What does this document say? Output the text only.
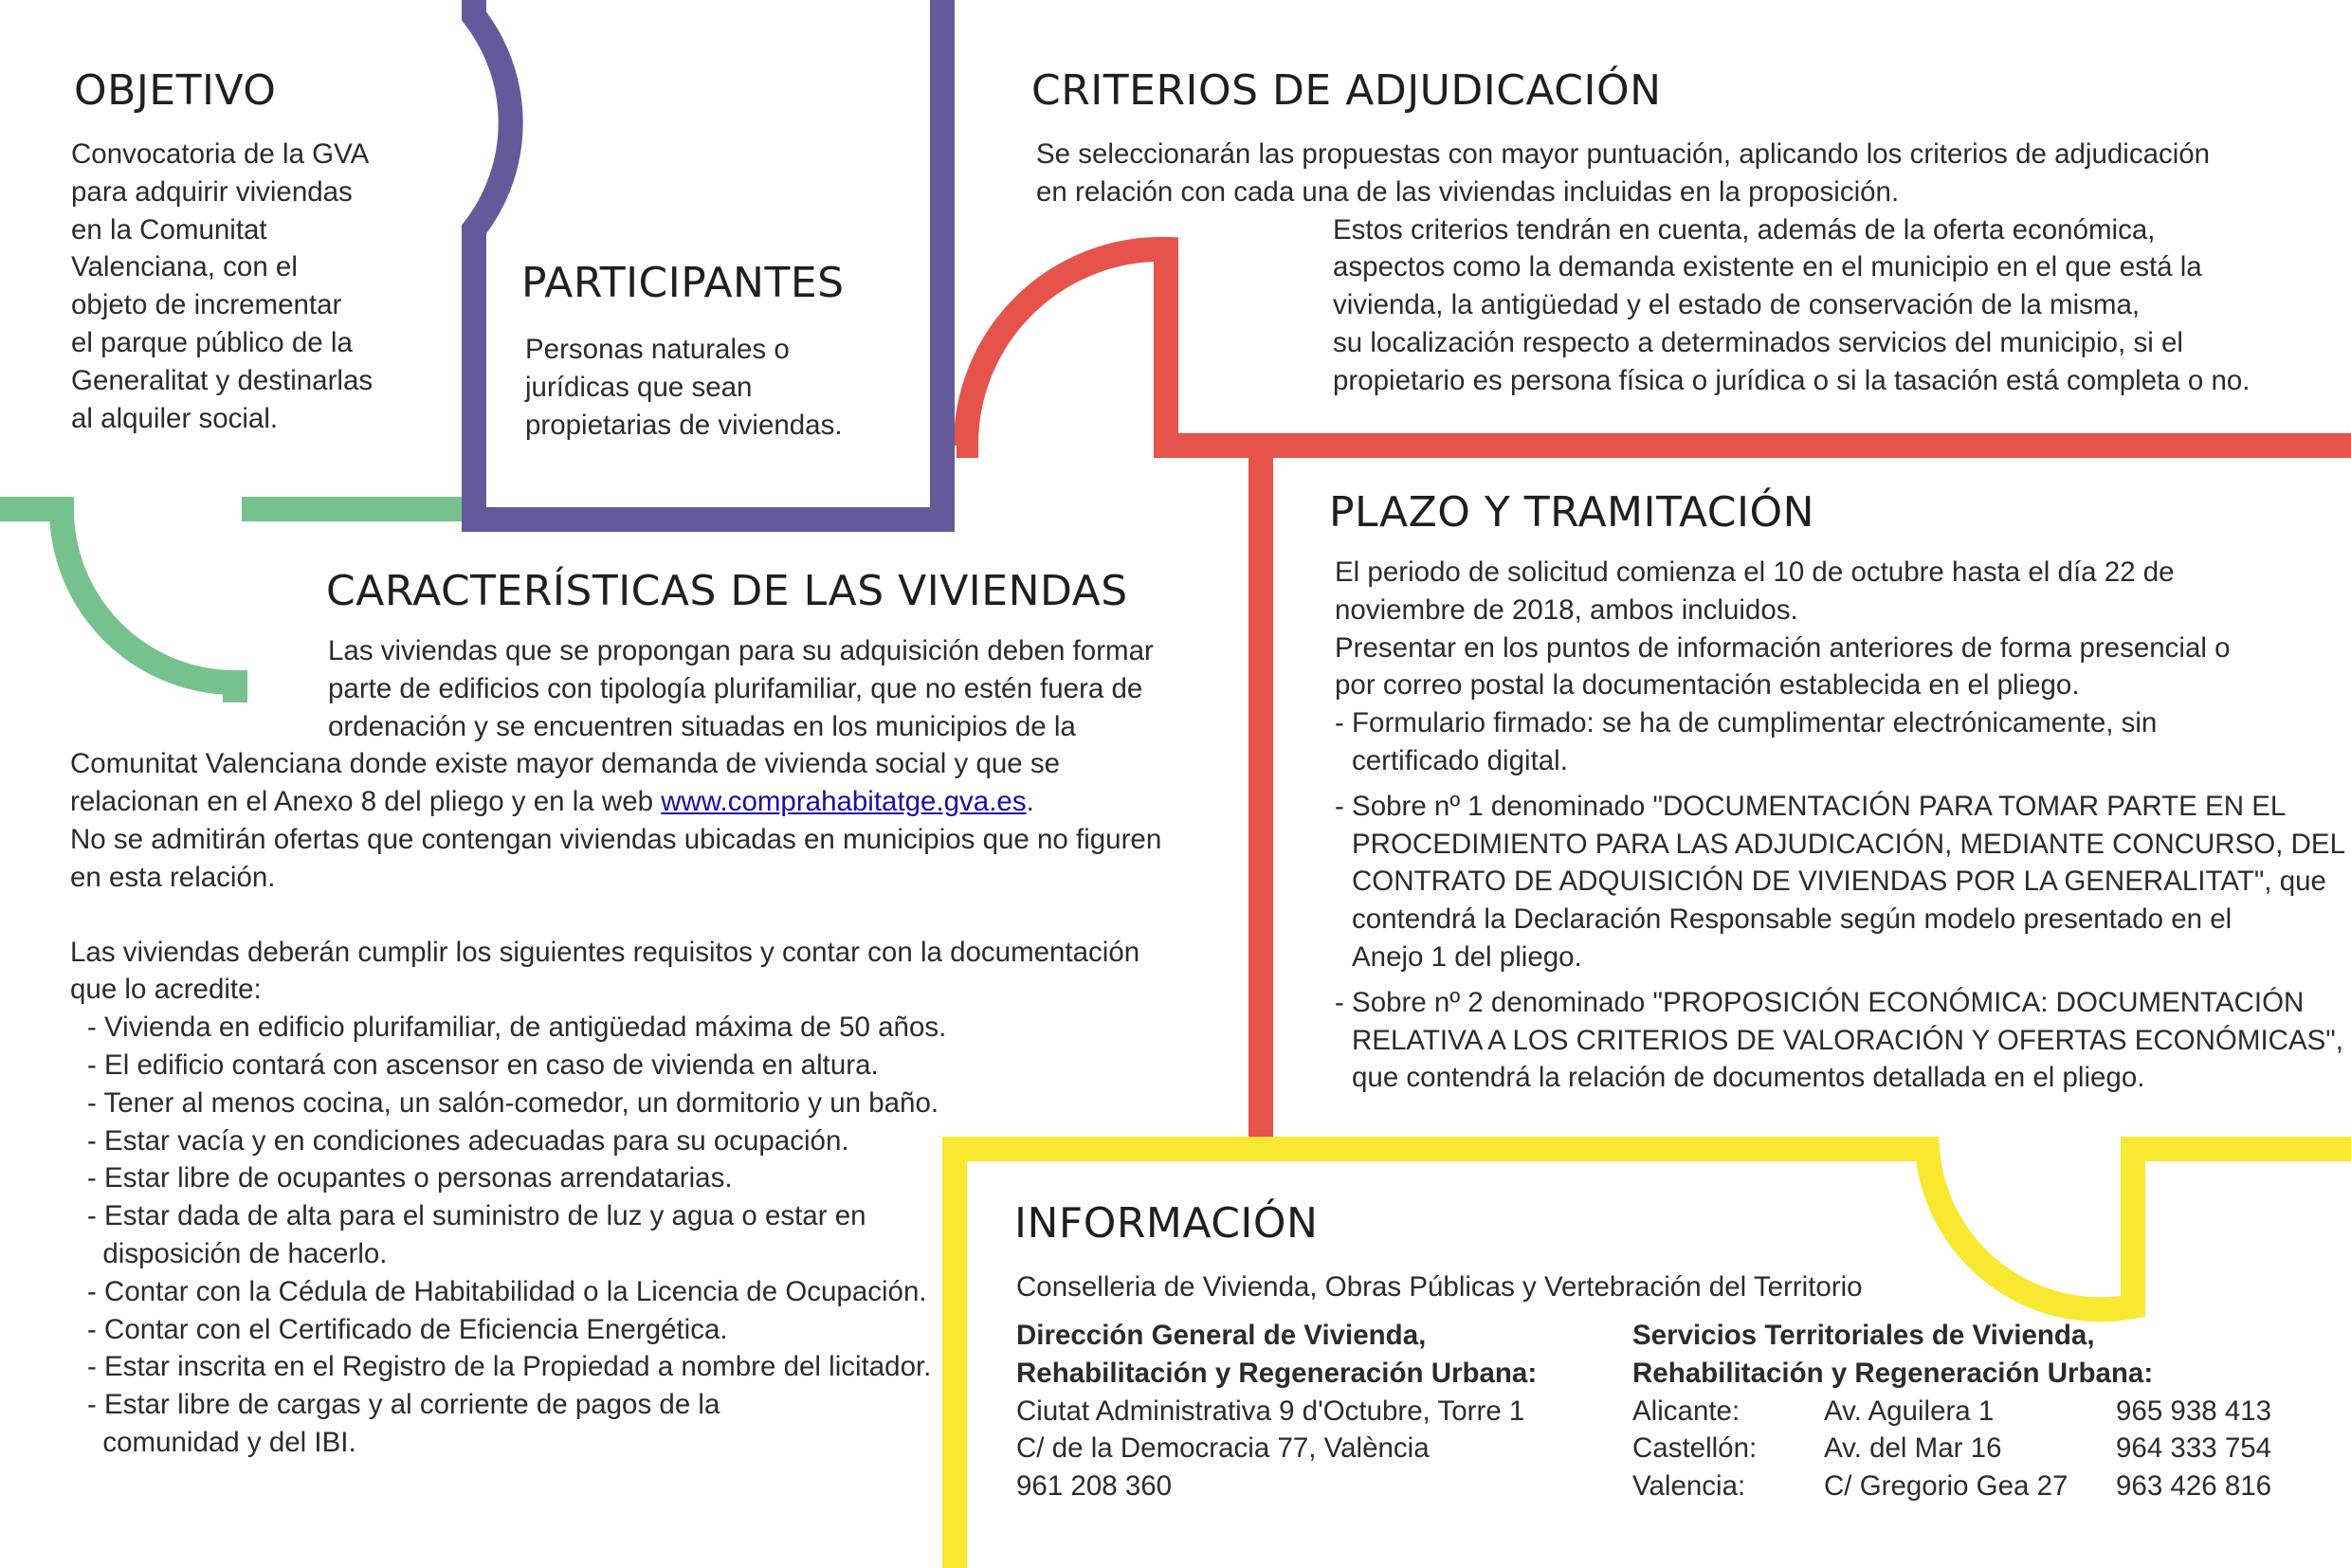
OBJETIVO
Convocatoria de la GVA
para adquirir viviendas
en la Comunitat
Valenciana, con el
objeto de incrementar
el parque público de la
Generalitat y destinarlas
al alquiler social.
PARTICIPANTES
Personas naturales o
jurídicas que sean
propietarias de viviendas.
CRITERIOS DE ADJUDICACIÓN
Se seleccionarán las propuestas con mayor puntuación, aplicando los criterios de adjudicación
en relación con cada una de las viviendas incluidas en la proposición.
Estos criterios tendrán en cuenta, además de la oferta económica,
aspectos como la demanda existente en el municipio en el que está la
vivienda, la antigüedad y el estado de conservación de la misma,
su localización respecto a determinados servicios del municipio, si el
propietario es persona física o jurídica o si la tasación está completa o no.
CARACTERÍSTICAS DE LAS VIVIENDAS
Las viviendas que se propongan para su adquisición deben formar
parte de edificios con tipología plurifamiliar, que no estén fuera de
ordenación y se encuentren situadas en los municipios de la
Comunitat Valenciana donde existe mayor demanda de vivienda social y que se
relacionan en el Anexo 8 del pliego y en la web www.comprahabitatge.gva.es.
No se admitirán ofertas que contengan viviendas ubicadas en municipios que no figuren
en esta relación.
Las viviendas deberán cumplir los siguientes requisitos y contar con la documentación
que lo acredite:
- Vivienda en edificio plurifamiliar, de antigüedad máxima de 50 años.
- El edificio contará con ascensor en caso de vivienda en altura.
- Tener al menos cocina, un salón-comedor, un dormitorio y un baño.
- Estar vacía y en condiciones adecuadas para su ocupación.
- Estar libre de ocupantes o personas arrendatarias.
- Estar dada de alta para el suministro de luz y agua o estar en
disposición de hacerlo.
- Contar con la Cédula de Habitabilidad o la Licencia de Ocupación.
- Contar con el Certificado de Eficiencia Energética.
- Estar inscrita en el Registro de la Propiedad a nombre del licitador.
- Estar libre de cargas y al corriente de pagos de la
comunidad y del IBI.
PLAZO Y TRAMITACIÓN
El periodo de solicitud comienza el 10 de octubre hasta el día 22 de
noviembre de 2018, ambos incluidos.
Presentar en los puntos de información anteriores de forma presencial o
por correo postal la documentación establecida en el pliego.
- Formulario firmado: se ha de cumplimentar electrónicamente, sin
certificado digital.
- Sobre nº 1 denominado "DOCUMENTACIÓN PARA TOMAR PARTE EN EL
PROCEDIMIENTO PARA LAS ADJUDICACIÓN, MEDIANTE CONCURSO, DEL
CONTRATO DE ADQUISICIÓN DE VIVIENDAS POR LA GENERALITAT", que
contendrá la Declaración Responsable según modelo presentado en el
Anejo 1 del pliego.
- Sobre nº 2 denominado "PROPOSICIÓN ECONÓMICA: DOCUMENTACIÓN
RELATIVA A LOS CRITERIOS DE VALORACIÓN Y OFERTAS ECONÓMICAS",
que contendrá la relación de documentos detallada en el pliego.
INFORMACIÓN
Conselleria de Vivienda, Obras Públicas y Vertebración del Territorio
Dirección General de Vivienda,
Rehabilitación y Regeneración Urbana:
Ciutat Administrativa 9 d'Octubre, Torre 1
C/ de la Democracia 77, València
961 208 360
Servicios Territoriales de Vivienda,
Rehabilitación y Regeneración Urbana:
Alicante:	Av. Aguilera 1	965 938 413
Castellón:	Av. del Mar 16	964 333 754
Valencia:	C/ Gregorio Gea 27	963 426 816
